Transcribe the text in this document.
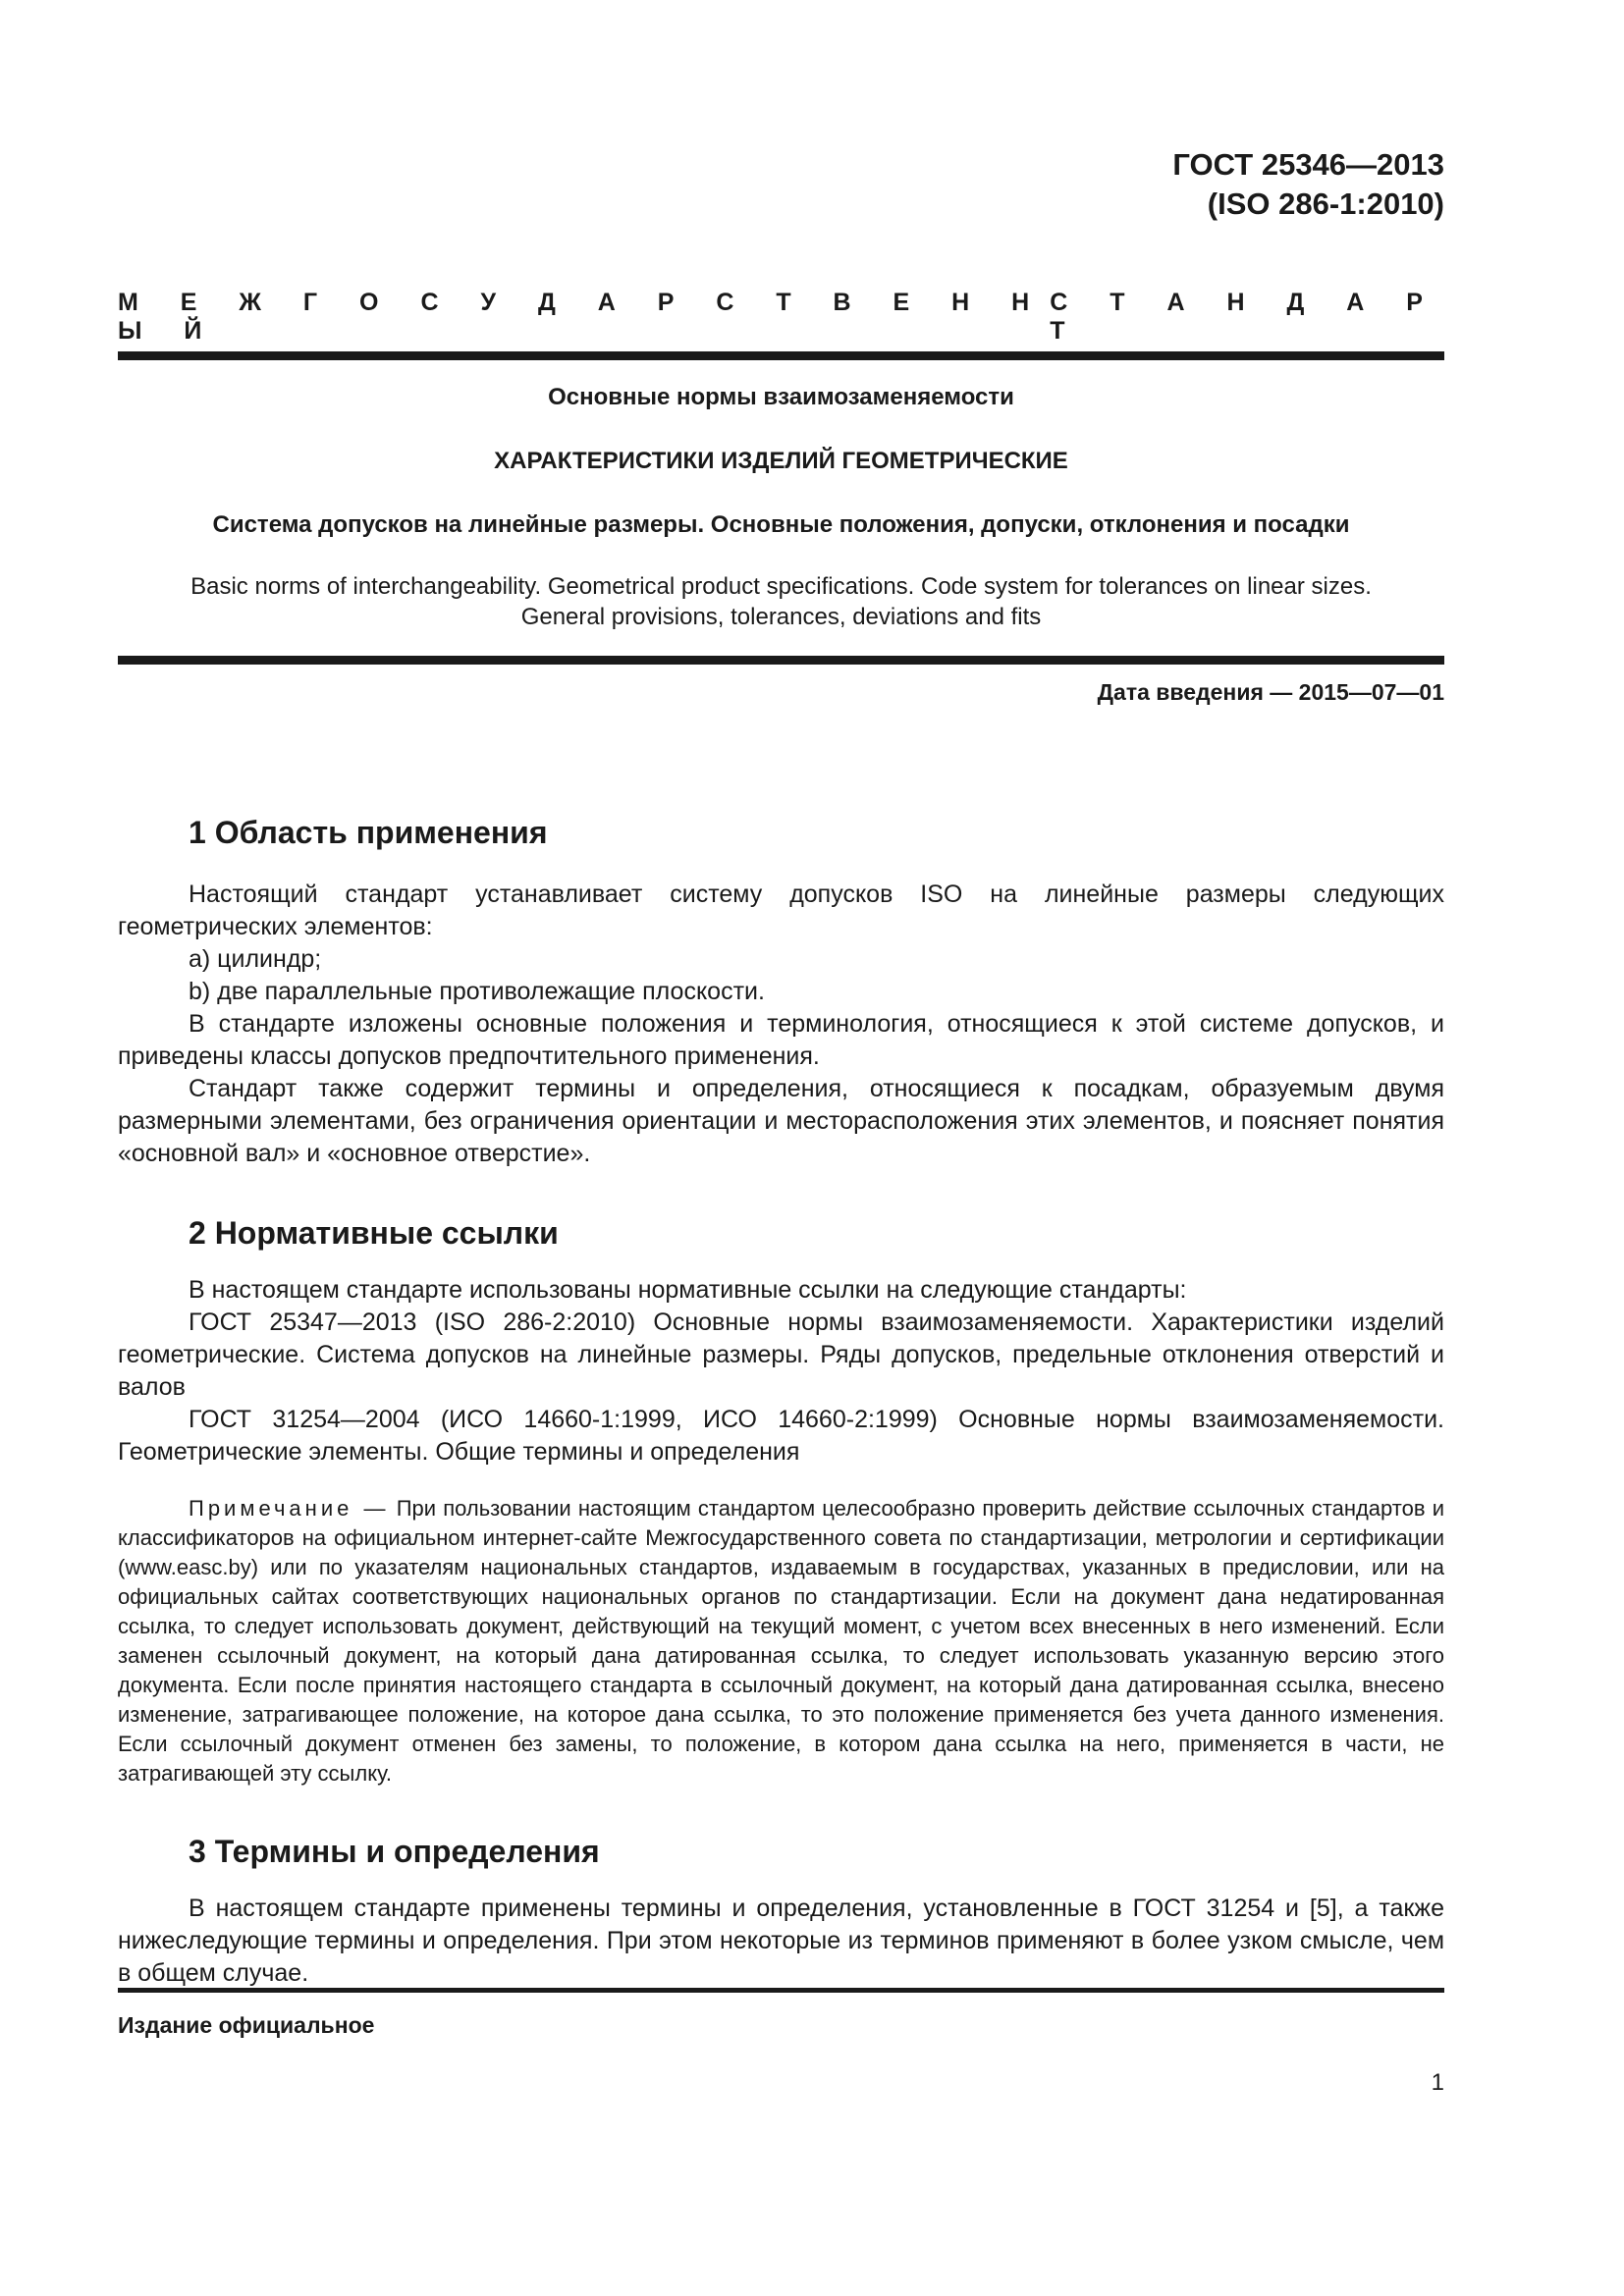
ГОСТ 25346—2013
(ISO 286-1:2010)
М Е Ж Г О С У Д А Р С Т В Е Н Н Ы Й
С Т А Н Д А Р Т
Основные нормы взаимозаменяемости
ХАРАКТЕРИСТИКИ ИЗДЕЛИЙ ГЕОМЕТРИЧЕСКИЕ
Система допусков на линейные размеры. Основные положения, допуски, отклонения и посадки
Basic norms of interchangeability. Geometrical product specifications. Code system for tolerances on linear sizes.
General provisions, tolerances, deviations and fits
Дата введения — 2015—07—01
1 Область применения

Настоящий стандарт устанавливает систему допусков ISO на линейные размеры следующих геометрических элементов:

a) цилиндр;

b) две параллельные противолежащие плоскости.

В стандарте изложены основные положения и терминология, относящиеся к этой системе допусков, и приведены классы допусков предпочтительного применения.

Стандарт также содержит термины и определения, относящиеся к посадкам, образуемым двумя размерными элементами, без ограничения ориентации и месторасположения этих элементов, и поясняет понятия «основной вал» и «основное отверстие».

2 Нормативные ссылки

В настоящем стандарте использованы нормативные ссылки на следующие стандарты:

ГОСТ 25347—2013 (ISO 286-2:2010) Основные нормы взаимозаменяемости. Характеристики изделий геометрические. Система допусков на линейные размеры. Ряды допусков, предельные отклонения отверстий и валов

ГОСТ 31254—2004 (ИСО 14660-1:1999, ИСО 14660-2:1999) Основные нормы взаимозаменяемости. Геометрические элементы. Общие термины и определения

Примечание — При пользовании настоящим стандартом целесообразно проверить действие ссылочных стандартов и классификаторов на официальном интернет-сайте Межгосударственного совета по стандартизации, метрологии и сертификации (www.easc.by) или по указателям национальных стандартов, издаваемым в государствах, указанных в предисловии, или на официальных сайтах соответствующих национальных органов по стандартизации. Если на документ дана недатированная ссылка, то следует использовать документ, действующий на текущий момент, с учетом всех внесенных в него изменений. Если заменен ссылочный документ, на который дана датированная ссылка, то следует использовать указанную версию этого документа. Если после принятия настоящего стандарта в ссылочный документ, на который дана датированная ссылка, внесено изменение, затрагивающее положение, на которое дана ссылка, то это положение применяется без учета данного изменения. Если ссылочный документ отменен без замены, то положение, в котором дана ссылка на него, применяется в части, не затрагивающей эту ссылку.

3 Термины и определения

В настоящем стандарте применены термины и определения, установленные в ГОСТ 31254 и [5], а также нижеследующие термины и определения. При этом некоторые из терминов применяют в более узком смысле, чем в общем случае.

Издание официальное
1
